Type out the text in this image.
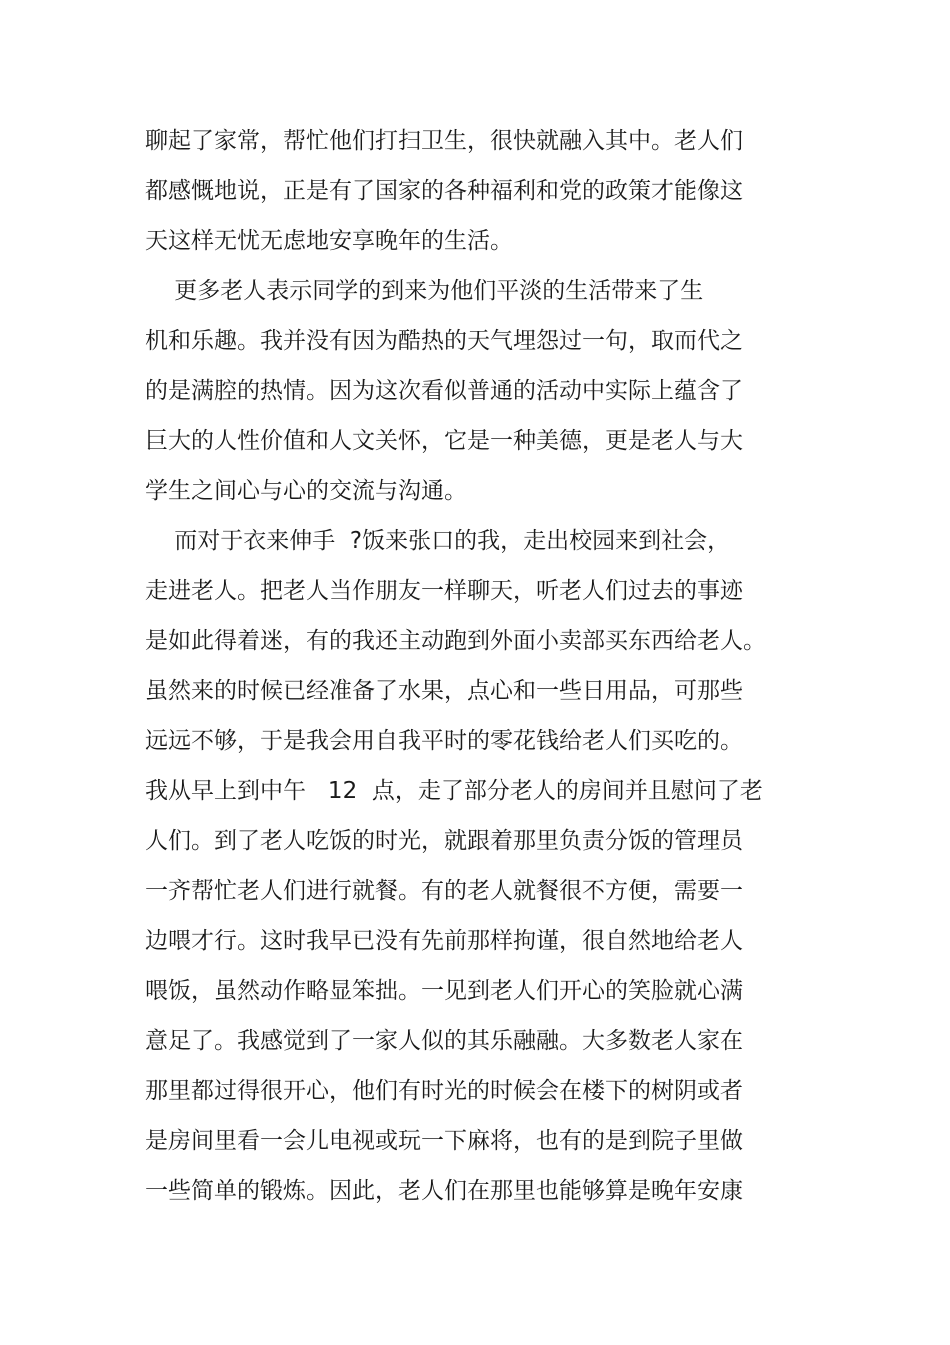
聊起了家常，帮忙他们打扫卫生，很快就融入其中。老人们
都感慨地说，正是有了国家的各种福利和党的政策才能像这
天这样无忧无虑地安享晚年的生活。
更多老人表示同学的到来为他们平淡的生活带来了生
机和乐趣。我并没有因为酷热的天气埋怨过一句，取而代之
的是满腔的热情。因为这次看似普通的活动中实际上蕴含了
巨大的人性价值和人文关怀，它是一种美德，更是老人与大
学生之间心与心的交流与沟通。
而对于衣来伸手  ?饭来张口的我，走出校园来到社会，
走进老人。把老人当作朋友一样聊天，听老人们过去的事迹
是如此得着迷，有的我还主动跑到外面小卖部买东西给老人。
虽然来的时候已经准备了水果，点心和一些日用品，可那些
远远不够，于是我会用自我平时的零花钱给老人们买吃的。
我从早上到中午   12  点，走了部分老人的房间并且慰问了老
人们。到了老人吃饭的时光，就跟着那里负责分饭的管理员
一齐帮忙老人们进行就餐。有的老人就餐很不方便，需要一
边喂才行。这时我早已没有先前那样拘谨，很自然地给老人
喂饭，虽然动作略显笨拙。一见到老人们开心的笑脸就心满
意足了。我感觉到了一家人似的其乐融融。大多数老人家在
那里都过得很开心，他们有时光的时候会在楼下的树阴或者
是房间里看一会儿电视或玩一下麻将，也有的是到院子里做
一些简单的锻炼。因此，老人们在那里也能够算是晚年安康
